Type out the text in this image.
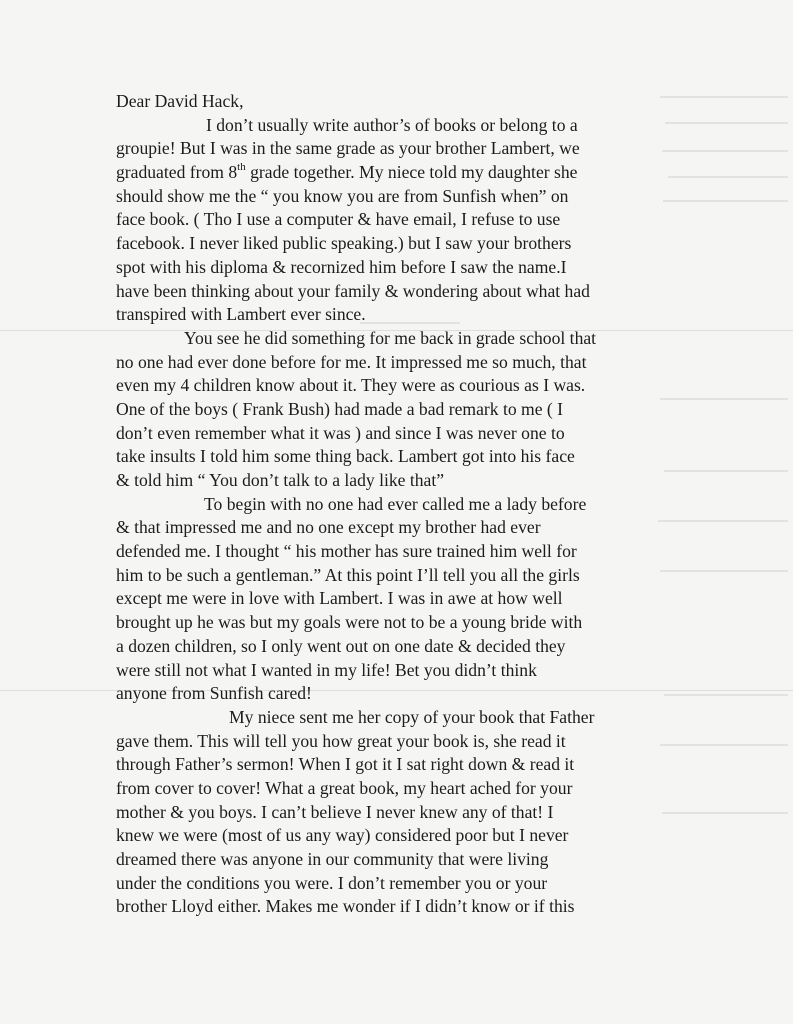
Dear David Hack,
I don’t usually write author’s of books or belong to a
groupie! But I was in the same grade as your brother Lambert, we
graduated from 8th grade together. My niece told my daughter she
should show me the “ you know you are from Sunfish when” on
face book. ( Tho I use a computer & have email, I refuse to use
facebook. I never liked public speaking.) but I saw your brothers
spot with his diploma & recornized him before I saw the name.I
have been thinking about your family & wondering about what had
transpired with Lambert ever since.
You see he did something for me back in grade school that
no one had ever done before for me. It impressed me so much, that
even my 4 children know about it. They were as courious as I was.
One of the boys ( Frank Bush) had made a bad remark to me ( I
don’t even remember what it was ) and since I was never one to
take insults I told him some thing back. Lambert got into his face
& told him “ You don’t talk to a lady like that”
To begin with no one had ever called me a lady before
& that impressed me and no one except my brother had ever
defended me. I thought “ his mother has sure trained him well for
him to be such a gentleman.” At this point I’ll tell you all the girls
except me were in love with Lambert. I was in awe at how well
brought up he was but my goals were not to be a young bride with
a dozen children, so I only went out on one date & decided they
were still not what I wanted in my life! Bet you didn’t think
anyone from Sunfish cared!
My niece sent me her copy of your book that Father
gave them. This will tell you how great your book is, she read it
through Father’s sermon! When I got it I sat right down & read it
from cover to cover! What a great book, my heart ached for your
mother & you boys. I can’t believe I never knew any of that! I
knew we were (most of us any way) considered poor but I never
dreamed there was anyone in our community that were living
under the conditions you were. I don’t remember you or your
brother Lloyd either. Makes me wonder if I didn’t know or if this
